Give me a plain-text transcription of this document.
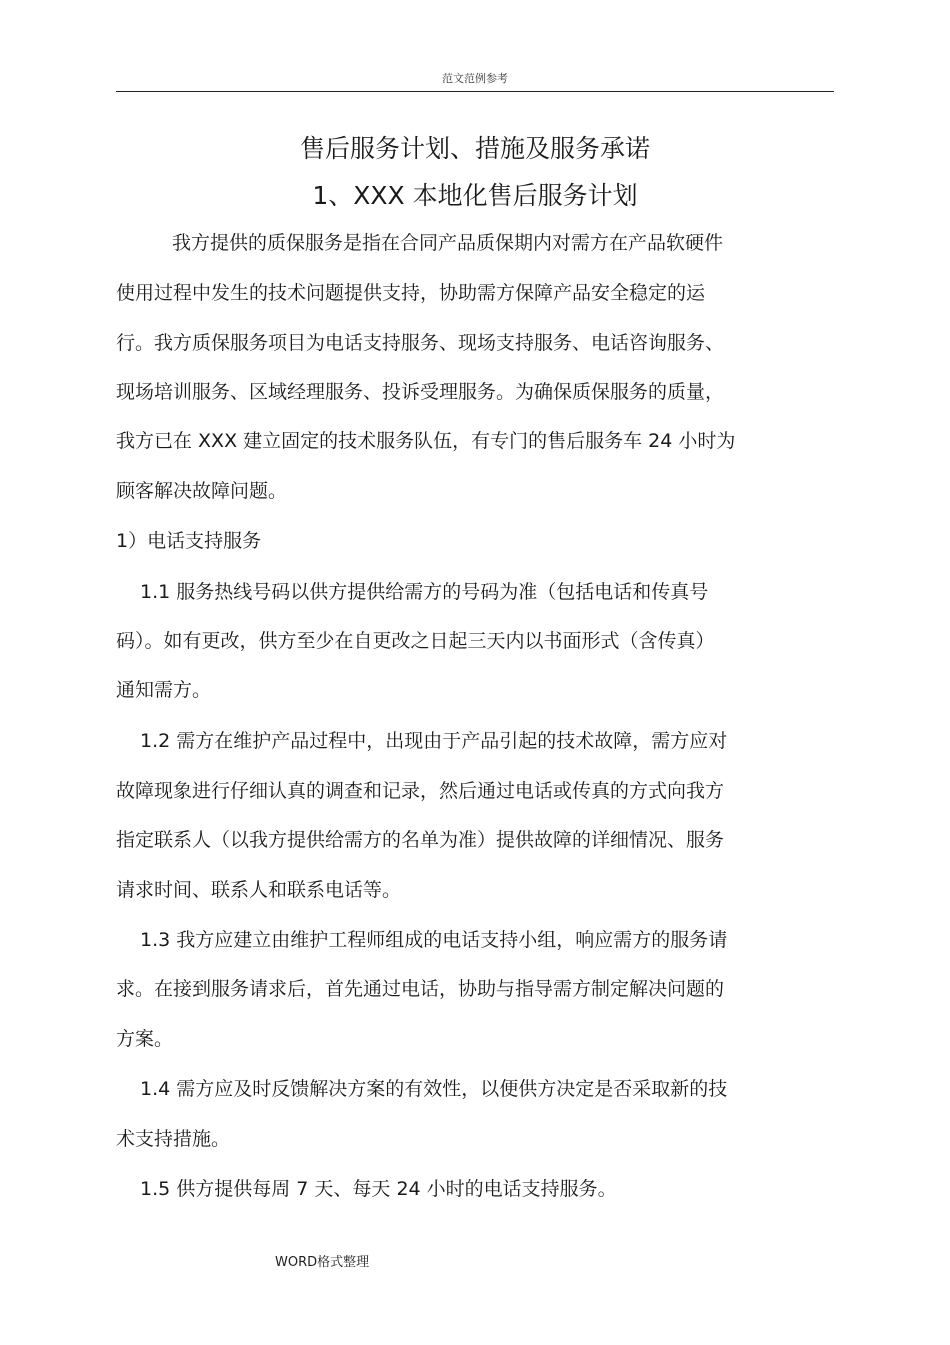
范文范例参考
售后服务计划、措施及服务承诺
1、XXX 本地化售后服务计划
我方提供的质保服务是指在合同产品质保期内对需方在产品软硬件
使用过程中发生的技术问题提供支持，协助需方保障产品安全稳定的运
行。我方质保服务项目为电话支持服务、现场支持服务、电话咨询服务、
现场培训服务、区域经理服务、投诉受理服务。为确保质保服务的质量，
我方已在 XXX 建立固定的技术服务队伍，有专门的售后服务车 24 小时为
顾客解决故障问题。
1）电话支持服务
1.1 服务热线号码以供方提供给需方的号码为准（包括电话和传真号
码）。如有更改，供方至少在自更改之日起三天内以书面形式（含传真）
通知需方。
1.2 需方在维护产品过程中，出现由于产品引起的技术故障，需方应对
故障现象进行仔细认真的调查和记录，然后通过电话或传真的方式向我方
指定联系人（以我方提供给需方的名单为准）提供故障的详细情况、服务
请求时间、联系人和联系电话等。
1.3 我方应建立由维护工程师组成的电话支持小组，响应需方的服务请
求。在接到服务请求后，首先通过电话，协助与指导需方制定解决问题的
方案。
1.4 需方应及时反馈解决方案的有效性，以便供方决定是否采取新的技
术支持措施。
1.5 供方提供每周 7 天、每天 24 小时的电话支持服务。
WORD格式整理
